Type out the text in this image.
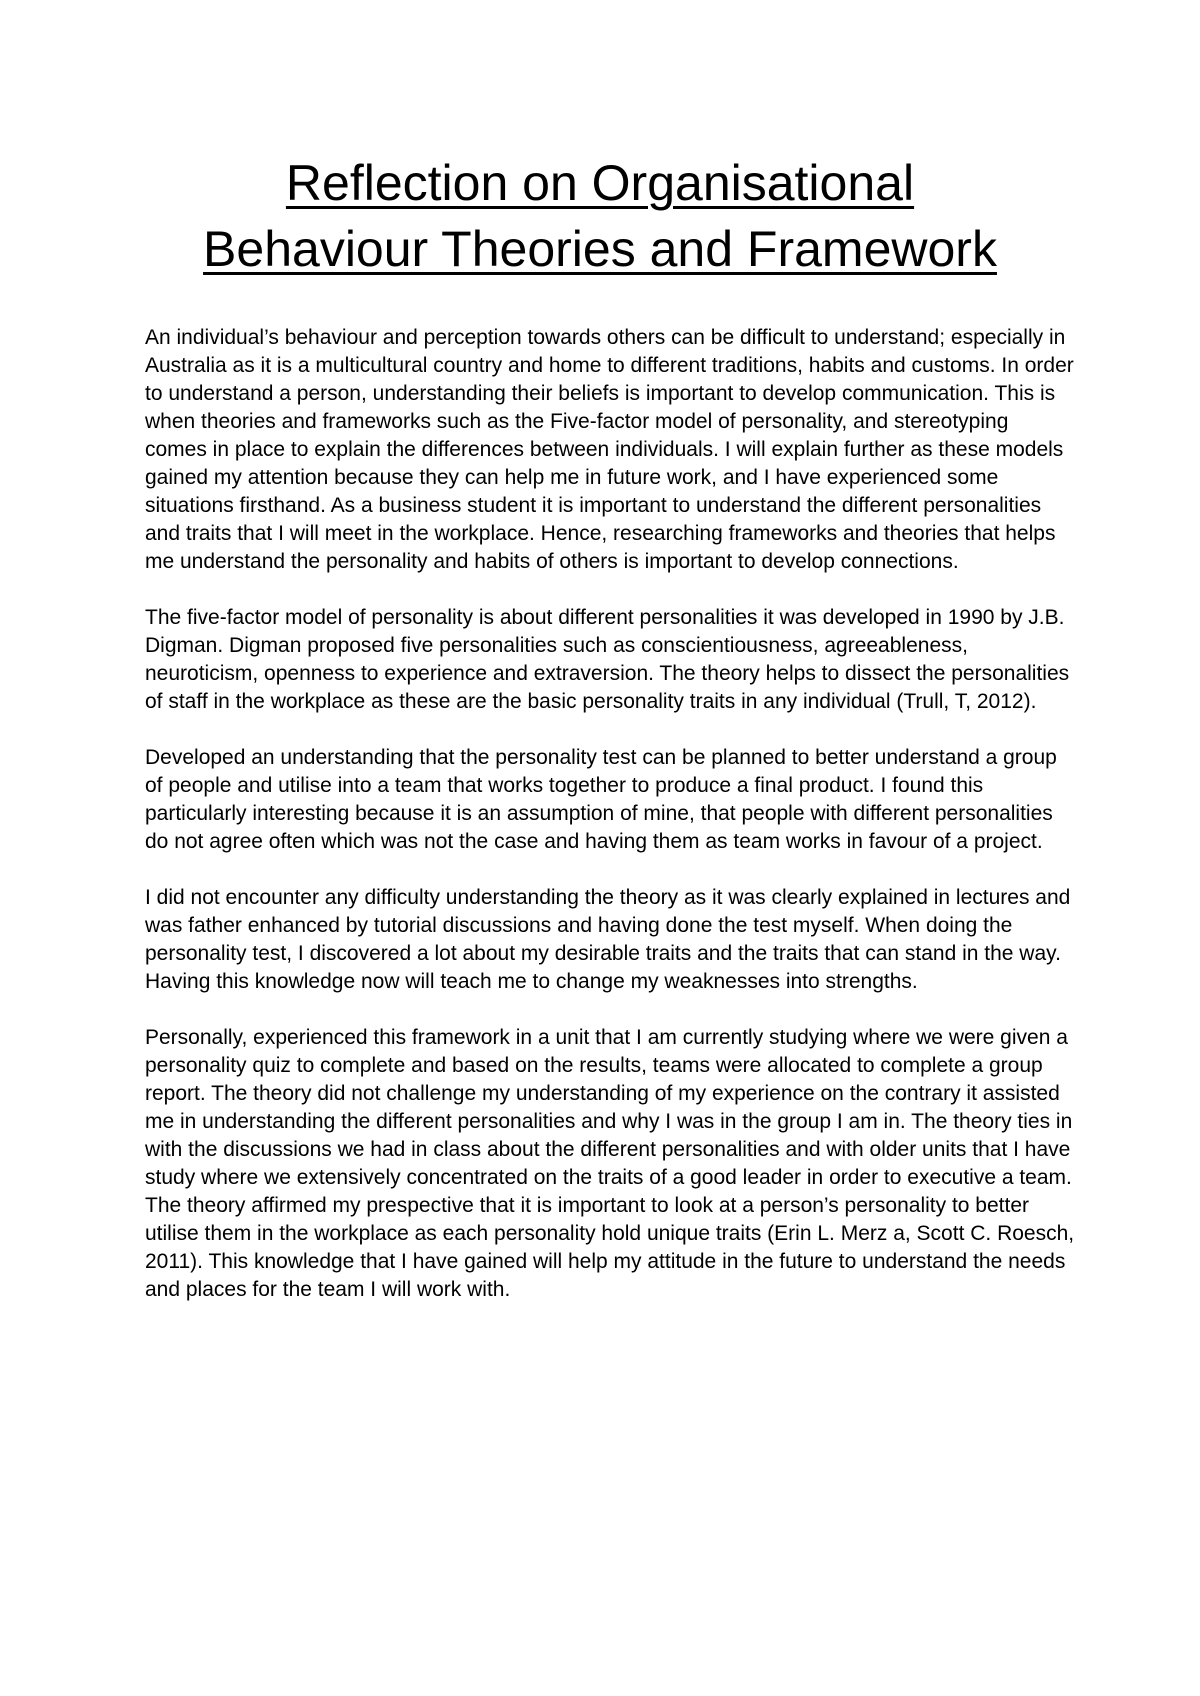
Reflection on Organisational
Behaviour Theories and Framework

An individual’s behaviour and perception towards others can be difficult to understand; especially in Australia as it is a multicultural country and home to different traditions, habits and customs. In order to understand a person, understanding their beliefs is important to develop communication. This is when theories and frameworks such as the Five-factor model of personality, and stereotyping comes in place to explain the differences between individuals. I will explain further as these models gained my attention because they can help me in future work, and I have experienced some situations firsthand. As a business student it is important to understand the different personalities and traits that I will meet in the workplace. Hence, researching frameworks and theories that helps me understand the personality and habits of others is important to develop connections.

The five-factor model of personality is about different personalities it was developed in 1990 by J.B. Digman. Digman proposed five personalities such as conscientiousness, agreeableness, neuroticism, openness to experience and extraversion. The theory helps to dissect the personalities of staff in the workplace as these are the basic personality traits in any individual (Trull, T, 2012).

Developed an understanding that the personality test can be planned to better understand a group of people and utilise into a team that works together to produce a final product. I found this particularly interesting because it is an assumption of mine, that people with different personalities do not agree often which was not the case and having them as team works in favour of a project.

I did not encounter any difficulty understanding the theory as it was clearly explained in lectures and was father enhanced by tutorial discussions and having done the test myself. When doing the personality test, I discovered a lot about my desirable traits and the traits that can stand in the way. Having this knowledge now will teach me to change my weaknesses into strengths.

Personally, experienced this framework in a unit that I am currently studying where we were given a personality quiz to complete and based on the results, teams were allocated to complete a group report. The theory did not challenge my understanding of my experience on the contrary it assisted me in understanding the different personalities and why I was in the group I am in. The theory ties in with the discussions we had in class about the different personalities and with older units that I have study where we extensively concentrated on the traits of a good leader in order to executive a team. The theory affirmed my prespective that it is important to look at a person’s personality to better utilise them in the workplace as each personality hold unique traits (Erin L. Merz a, Scott C. Roesch, 2011). This knowledge that I have gained will help my attitude in the future to understand the needs and places for the team I will work with.
